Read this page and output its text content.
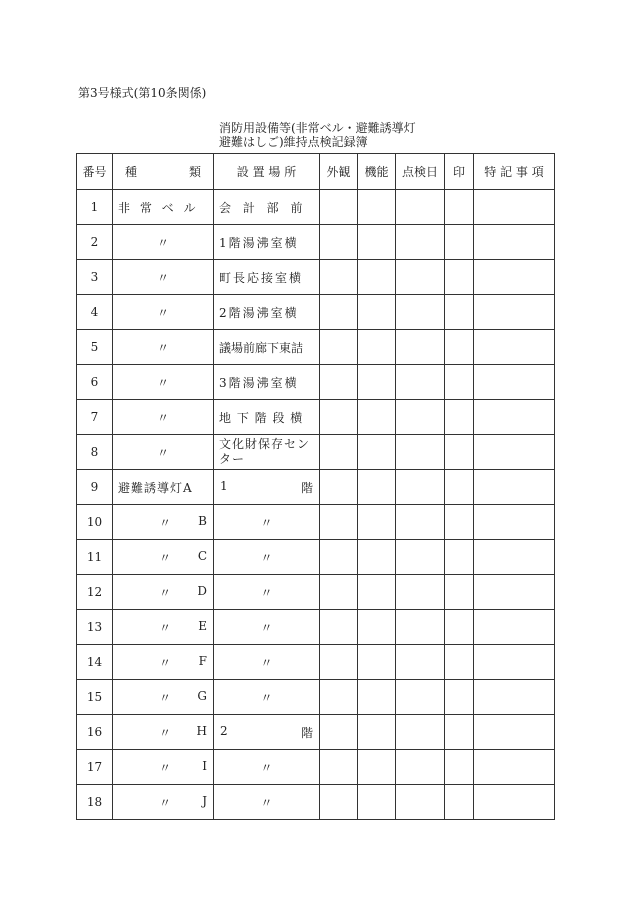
第3号様式(第10条関係)
消防用設備等(非常ベル・避難誘導灯
避難はしご)維持点検記録簿
番号	種 類	設 置 場 所	外観	機能	点検日	印	特 記 事 項
1	非 常 ベ ル	会 計 部 前					

2	〃	1階湯沸室横					

3	〃	町長応接室横					

4	〃	2階湯沸室横					

5	〃	議場前廊下東詰					

6	〃	3階湯沸室横					

7	〃	地 下 階 段 横					

8	〃	文化財保存センター					

9	避難誘導灯A	1 階					

10	〃 B	〃					
11	〃 C	〃					
12	〃 D	〃					
13	〃 E	〃					
14	〃 F	〃					
15	〃 G	〃					
16	〃 H	2 階					

17	〃 I	〃					
18	〃 J	〃					
